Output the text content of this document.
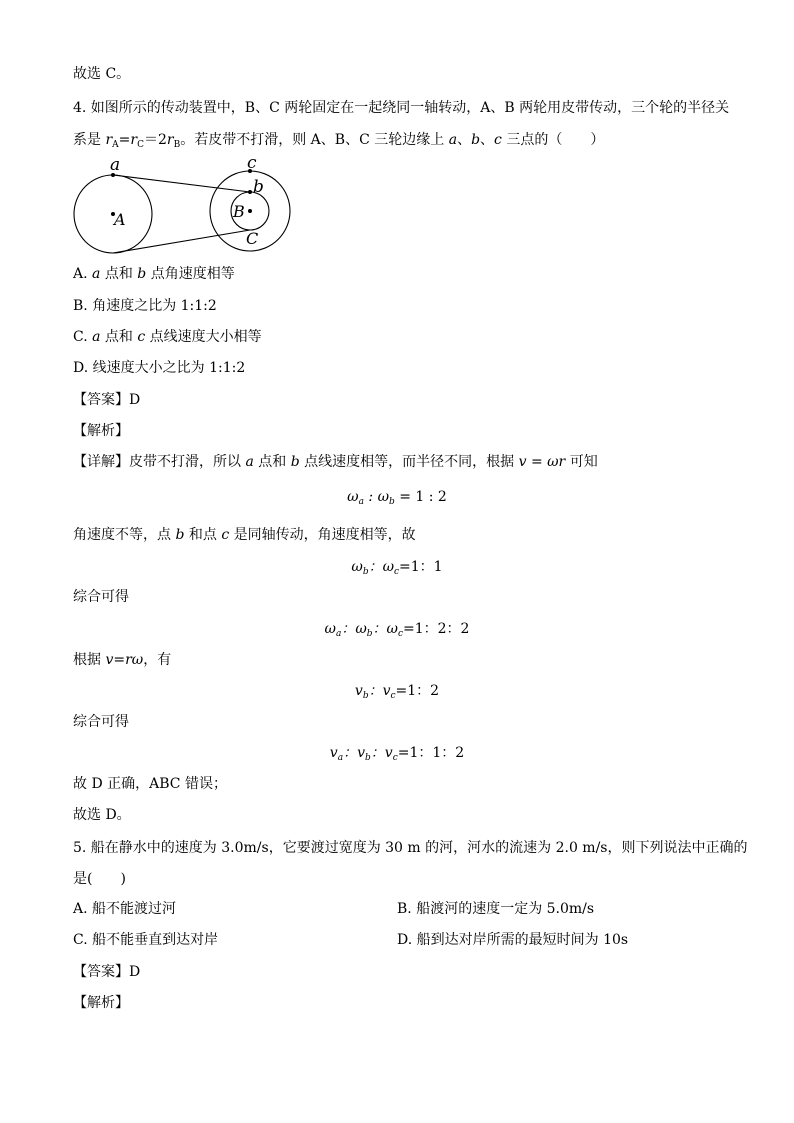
故选 C。
4. 如图所示的传动装置中，B、C 两轮固定在一起绕同一轴转动，A、B 两轮用皮带传动，三个轮的半径关
系是 $r_A=r_C=2r_B$。若皮带不打滑，则 A、B、C 三轮边缘上 a、b、c 三点的（　　）
a
A
c
b
B
C
A. a 点和 b 点角速度相等
B. 角速度之比为 1:1:2
C. a 点和 c 点线速度大小相等
D. 线速度大小之比为 1:1:2
【答案】D
【解析】
【详解】皮带不打滑，所以 a 点和 b 点线速度相等，而半径不同，根据 v = ωr 可知
$\omega_a$ : $\omega_b = 1$ : 2
角速度不等，点 b 和点 c 是同轴传动，角速度相等，故
$\omega_b$：$\omega_c=1$：1
综合可得
$\omega_a$：$\omega_b$：$\omega_c=1$：2：2
根据 v=rω，有
$v_b$：$v_c=1$：2
综合可得
$v_a$：$v_b$：$v_c=1$：1：2
故 D 正确，ABC 错误；
故选 D。
5. 船在静水中的速度为 3.0m/s，它要渡过宽度为 30 m 的河，河水的流速为 2.0 m/s，则下列说法中正确的
是(　　)
A. 船不能渡过河	B. 船渡河的速度一定为 5.0m/s
C. 船不能垂直到达对岸	D. 船到达对岸所需的最短时间为 10s
【答案】D
【解析】
